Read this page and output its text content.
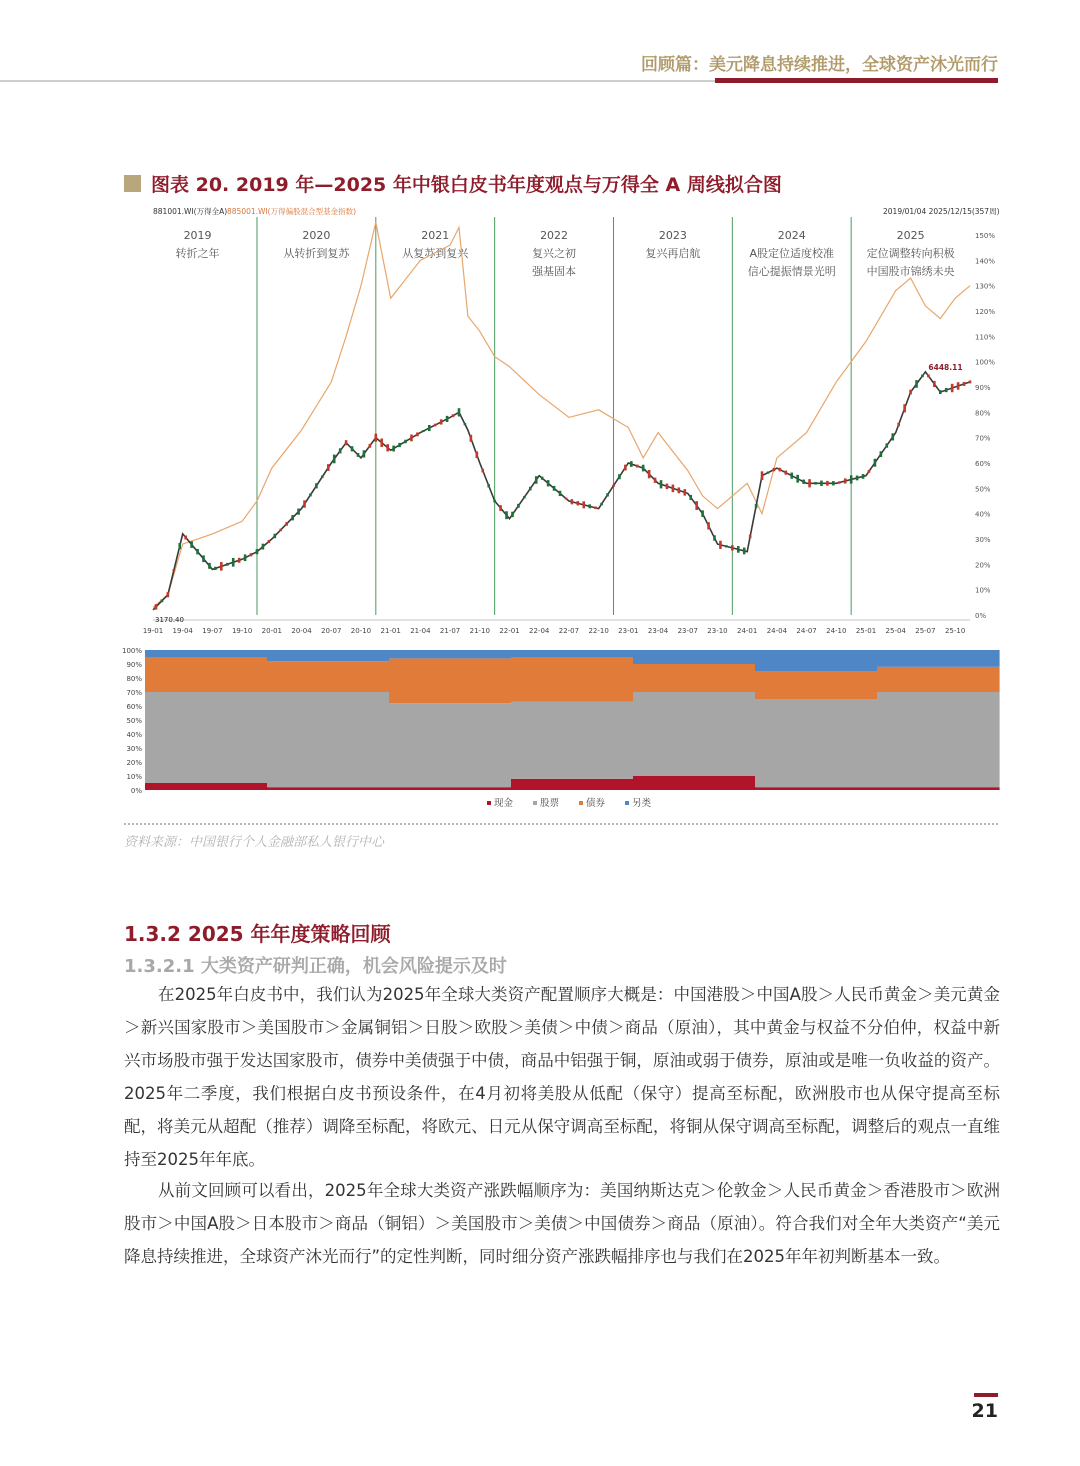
回顾篇：美元降息持续推进，全球资产沐光而行
图表 20. 2019 年—2025 年中银白皮书年度观点与万得全 A 周线拟合图
881001.WI(万得全A) 885001.WI(万得偏股混合型基金指数)	2019/01/04 2025/12/15(357周)
2019
转折之年
2020
从转折到复苏
2021
从复苏到复兴
2022
复兴之初
强基固本
2023
复兴再启航
2024
A股定位适度校准
信心提振情景光明
2025
定位调整转向积极
中国股市锦绣未央
0%
10%
20%
30%
40%
50%
60%
70%
80%
90%
100%
110%
120%
130%
140%
150%
19-01 19-04 19-07 19-10 20-01 20-04 20-07 20-10 21-01 21-04 21-07 21-10 22-01 22-04 22-07 22-10 23-01 23-04 23-07 23-10 24-01 24-04 24-07 24-10 25-01 25-04 25-07 25-10
3170.40
6448.11
0%
10%
20%
30%
40%
50%
60%
70%
80%
90%
100%
现金	股票	债券	另类
资料来源：中国银行个人金融部私人银行中心
1.3.2 2025 年年度策略回顾
1.3.2.1 大类资产研判正确，机会风险提示及时

在2025年白皮书中，我们认为2025年全球大类资产配置顺序大概是：中国港股＞中国A股＞人民币黄金＞美元黄金＞新兴国家股市＞美国股市＞金属铜铝＞日股＞欧股＞美债＞中债＞商品（原油），其中黄金与权益不分伯仲，权益中新兴市场股市强于发达国家股市，债券中美债强于中债，商品中铝强于铜，原油或弱于债券，原油或是唯一负收益的资产。2025年二季度，我们根据白皮书预设条件，在4月初将美股从低配（保守）提高至标配，欧洲股市也从保守提高至标配，将美元从超配（推荐）调降至标配，将欧元、日元从保守调高至标配，将铜从保守调高至标配，调整后的观点一直维持至2025年年底。

从前文回顾可以看出，2025年全球大类资产涨跌幅顺序为：美国纳斯达克＞伦敦金＞人民币黄金＞香港股市＞欧洲股市＞中国A股＞日本股市＞商品（铜铝）＞美国股市＞美债＞中国债券＞商品（原油）。符合我们对全年大类资产“美元降息持续推进，全球资产沐光而行”的定性判断，同时细分资产涨跌幅排序也与我们在2025年年初判断基本一致。

21
